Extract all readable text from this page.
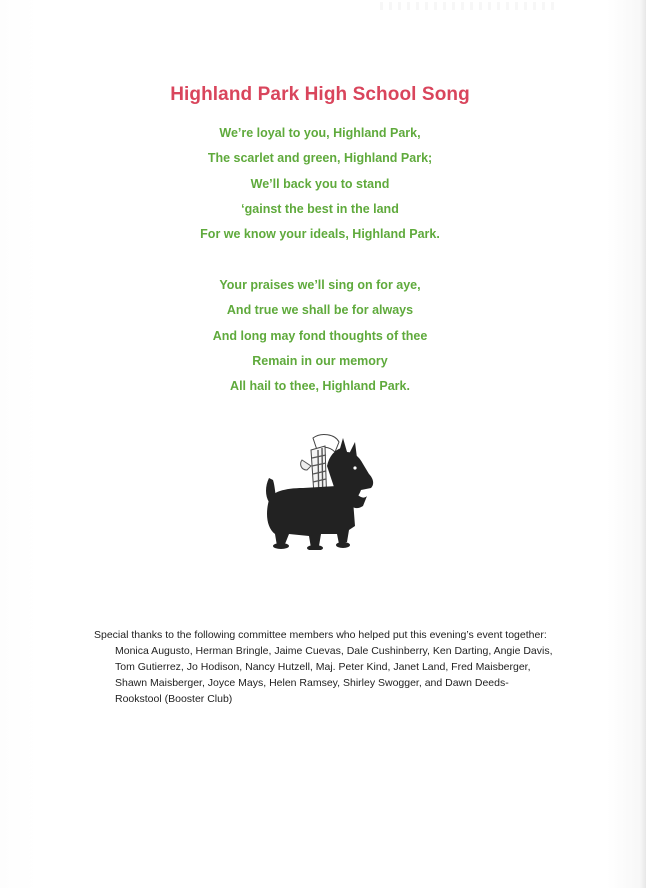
Highland Park High School Song
We’re loyal to you, Highland Park,
The scarlet and green, Highland Park;
We’ll back you to stand
‘gainst the best in the land
For we know your ideals, Highland Park.
Your praises we’ll sing on for aye,
And true we shall be for always
And long may fond thoughts of thee
Remain in our memory
All hail to thee, Highland Park.

Special thanks to the following committee members who helped put this evening’s event together:

Monica Augusto, Herman Bringle, Jaime Cuevas, Dale Cushinberry, Ken Darting, Angie Davis, Tom Gutierrez, Jo Hodison, Nancy Hutzell, Maj. Peter Kind, Janet Land, Fred Maisberger, Shawn Maisberger, Joyce Mays, Helen Ramsey, Shirley Swogger, and Dawn Deeds-Rookstool (Booster Club)
